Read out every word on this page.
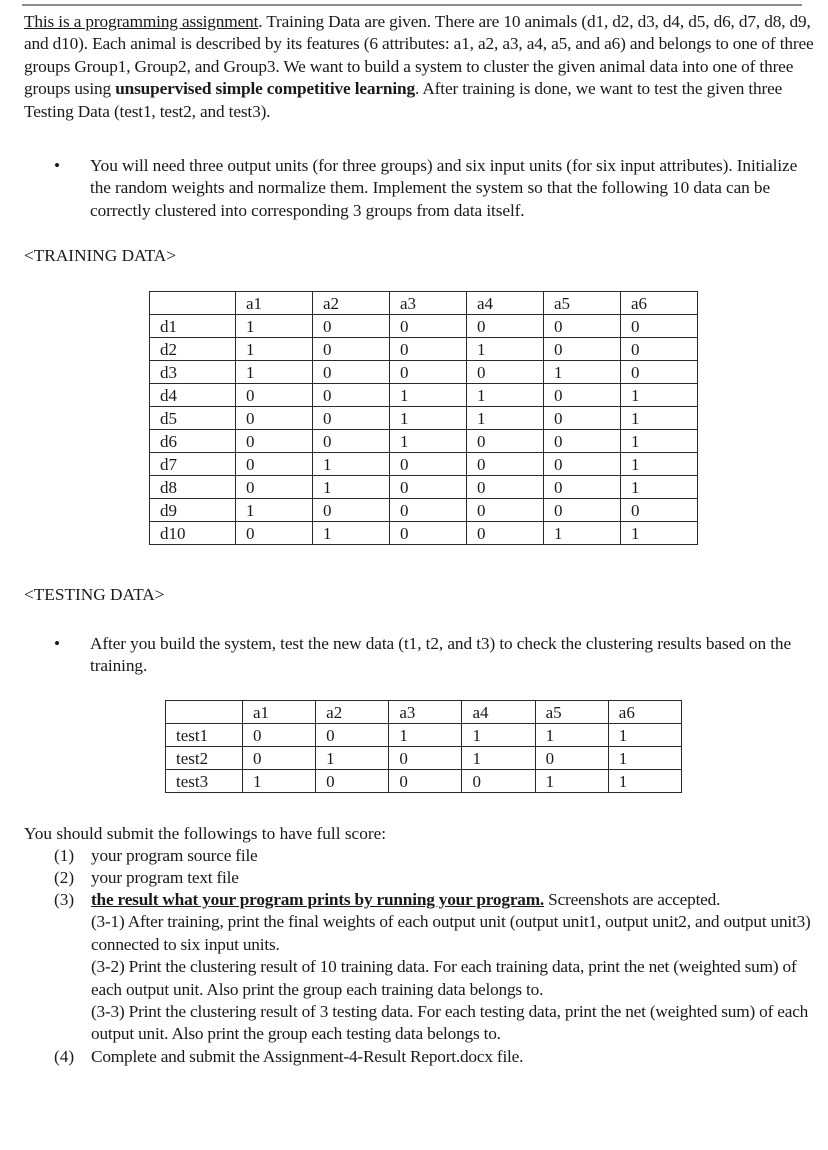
This is a programming assignment. Training Data are given. There are 10 animals (d1, d2, d3, d4, d5, d6, d7, d8, d9, and d10). Each animal is described by its features (6 attributes: a1, a2, a3, a4, a5, and a6) and belongs to one of three groups Group1, Group2, and Group3. We want to build a system to cluster the given animal data into one of three groups using unsupervised simple competitive learning. After training is done, we want to test the given three Testing Data (test1, test2, and test3).
• You will need three output units (for three groups) and six input units (for six input attributes). Initialize the random weights and normalize them. Implement the system so that the following 10 data can be correctly clustered into corresponding 3 groups from data itself.
<TRAINING DATA>
	a1	a2	a3	a4	a5	a6
d1	1	0	0	0	0	0
d2	1	0	0	1	0	0
d3	1	0	0	0	1	0
d4	0	0	1	1	0	1
d5	0	0	1	1	0	1
d6	0	0	1	0	0	1
d7	0	1	0	0	0	1
d8	0	1	0	0	0	1
d9	1	0	0	0	0	0
d10	0	1	0	0	1	1
<TESTING DATA>
• After you build the system, test the new data (t1, t2, and t3) to check the clustering results based on the training.
	a1	a2	a3	a4	a5	a6
test1	0	0	1	1	1	1
test2	0	1	0	1	0	1
test3	1	0	0	0	1	1
You should submit the followings to have full score:
(1) your program source file
(2) your program text file
(3) the result what your program prints by running your program. Screenshots are accepted.
(3-1) After training, print the final weights of each output unit (output unit1, output unit2, and output unit3) connected to six input units.
(3-2) Print the clustering result of 10 training data. For each training data, print the net (weighted sum) of each output unit. Also print the group each training data belongs to.
(3-3) Print the clustering result of 3 testing data. For each testing data, print the net (weighted sum) of each output unit. Also print the group each testing data belongs to.
(4) Complete and submit the Assignment-4-Result Report.docx file.
